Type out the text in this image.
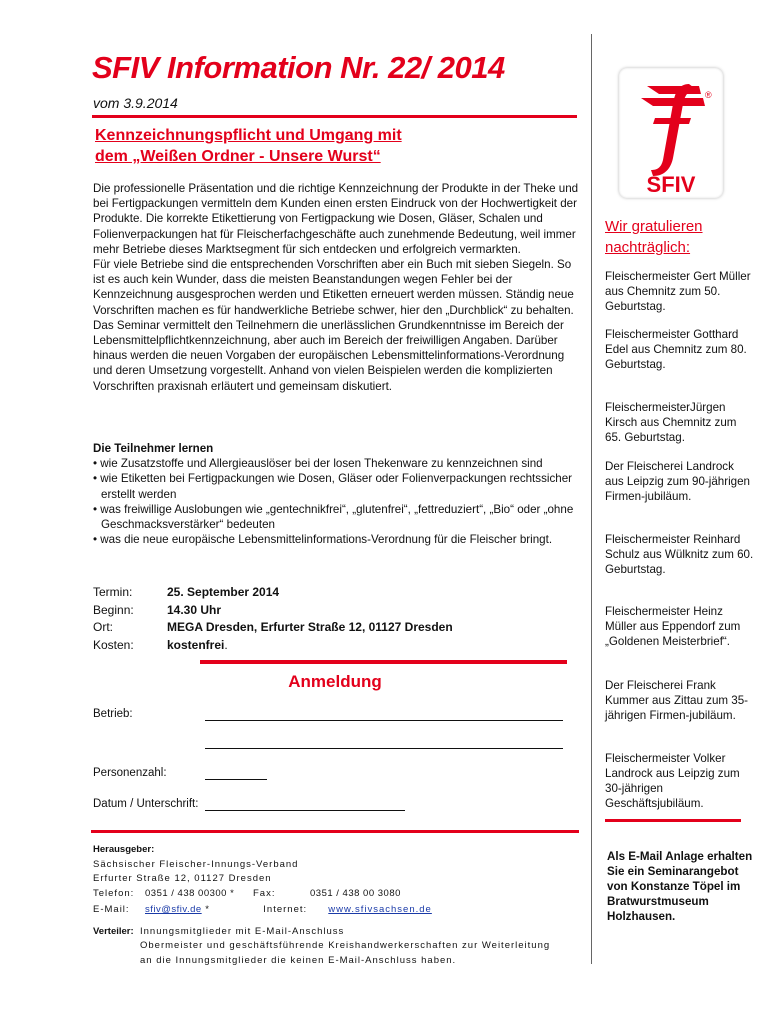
SFIV Information Nr. 22/ 2014
vom 3.9.2014
Kennzeichnungspflicht und Umgang mit
dem „Weißen Ordner - Unsere Wurst“

Die professionelle Präsentation und die richtige Kennzeichnung der Produkte in der Theke und bei Fertigpackungen vermitteln dem Kunden einen ersten Eindruck von der Hochwertigkeit der Produkte. Die korrekte Etikettierung von Fertigpackung wie Dosen, Gläser, Schalen und Folienverpackungen hat für Fleischerfachgeschäfte auch zunehmende Bedeutung, weil immer mehr Betriebe dieses Marktsegment für sich entdecken und erfolgreich vermarkten.

Für viele Betriebe sind die entsprechenden Vorschriften aber ein Buch mit sieben Siegeln. So ist es auch kein Wunder, dass die meisten Beanstandungen wegen Fehler bei der Kennzeichnung ausgesprochen werden und Etiketten erneuert werden müssen. Ständig neue Vorschriften machen es für handwerkliche Betriebe schwer, hier den „Durchblick“ zu behalten.

Das Seminar vermittelt den Teilnehmern die unerlässlichen Grundkenntnisse im Bereich der Lebensmittelpflichtkennzeichnung, aber auch im Bereich der freiwilligen Angaben. Darüber hinaus werden die neuen Vorgaben der europäischen Lebensmittelinformations-Verordnung und deren Umsetzung vorgestellt. Anhand von vielen Beispielen werden die komplizierten Vorschriften praxisnah erläutert und gemeinsam diskutiert.

Die Teilnehmer lernen
• wie Zusatzstoffe und Allergieauslöser bei der losen Thekenware zu kennzeichnen sind
• wie Etiketten bei Fertigpackungen wie Dosen, Gläser oder Folienverpackungen rechtssicher erstellt werden
• was freiwillige Auslobungen wie „gentechnikfrei“, „glutenfrei“, „fettreduziert“, „Bio“ oder „ohne Geschmacksverstärker“ bedeuten
• was die neue europäische Lebensmittelinformations-Verordnung für die Fleischer bringt.
Termin:	25. September 2014
Beginn:	14.30 Uhr
Ort:	MEGA Dresden, Erfurter Straße 12, 01127 Dresden
Kosten:	kostenfrei .
Anmeldung
Betrieb:
Personenzahl:
Datum / Unterschrift:
Herausgeber:
Sächsischer Fleischer-Innungs-Verband
Erfurter Straße 12, 01127 Dresden
Telefon: 0351 / 438 00300 * Fax:	0351 / 438 00 3080
E-Mail: sfiv@sfiv.de *	Internet: www.sfivsachsen.de
Verteiler: Innungsmitglieder mit E-Mail-Anschluss
Obermeister und geschäftsführende Kreishandwerkerschaften zur Weiterleitung
an die Innungsmitglieder die keinen E-Mail-Anschluss haben.
®
SFIV
Wir gratulieren
nachträglich:
Fleischermeister Gert Müller aus Chemnitz zum 50. Geburtstag.
Fleischermeister Gotthard Edel aus Chemnitz zum 80. Geburtstag.
FleischermeisterJürgen Kirsch aus Chemnitz zum 65. Geburtstag.
Der Fleischerei Landrock aus Leipzig zum 90-jährigen Firmen-jubiläum.
Fleischermeister Reinhard Schulz aus Wülknitz zum 60. Geburtstag.
Fleischermeister Heinz Müller aus Eppendorf zum „Goldenen Meisterbrief“.
Der Fleischerei Frank Kummer aus Zittau zum 35-jährigen Firmen-jubiläum.
Fleischermeister Volker Landrock aus Leipzig zum 30-jährigen Geschäftsjubiläum.
Als E-Mail Anlage erhalten Sie ein Seminarangebot von Konstanze Töpel im Bratwurstmuseum Holzhausen.
